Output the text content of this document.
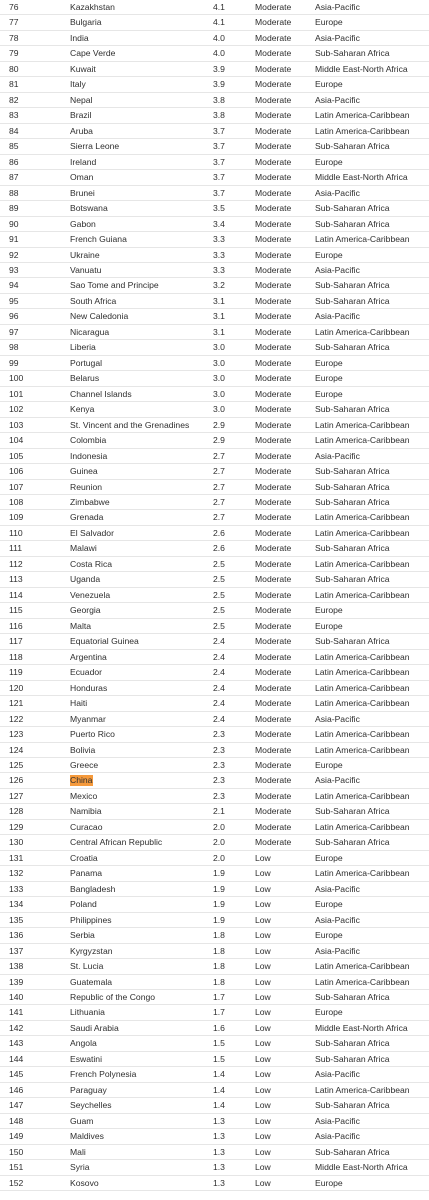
76	Kazakhstan	4.1	Moderate	Asia-Pacific
77	Bulgaria	4.1	Moderate	Europe
78	India	4.0	Moderate	Asia-Pacific
79	Cape Verde	4.0	Moderate	Sub-Saharan Africa
80	Kuwait	3.9	Moderate	Middle East-North Africa
81	Italy	3.9	Moderate	Europe
82	Nepal	3.8	Moderate	Asia-Pacific
83	Brazil	3.8	Moderate	Latin America-Caribbean
84	Aruba	3.7	Moderate	Latin America-Caribbean
85	Sierra Leone	3.7	Moderate	Sub-Saharan Africa
86	Ireland	3.7	Moderate	Europe
87	Oman	3.7	Moderate	Middle East-North Africa
88	Brunei	3.7	Moderate	Asia-Pacific
89	Botswana	3.5	Moderate	Sub-Saharan Africa
90	Gabon	3.4	Moderate	Sub-Saharan Africa
91	French Guiana	3.3	Moderate	Latin America-Caribbean
92	Ukraine	3.3	Moderate	Europe
93	Vanuatu	3.3	Moderate	Asia-Pacific
94	Sao Tome and Principe	3.2	Moderate	Sub-Saharan Africa
95	South Africa	3.1	Moderate	Sub-Saharan Africa
96	New Caledonia	3.1	Moderate	Asia-Pacific
97	Nicaragua	3.1	Moderate	Latin America-Caribbean
98	Liberia	3.0	Moderate	Sub-Saharan Africa
99	Portugal	3.0	Moderate	Europe
100	Belarus	3.0	Moderate	Europe
101	Channel Islands	3.0	Moderate	Europe
102	Kenya	3.0	Moderate	Sub-Saharan Africa
103	St. Vincent and the Grenadines	2.9	Moderate	Latin America-Caribbean
104	Colombia	2.9	Moderate	Latin America-Caribbean
105	Indonesia	2.7	Moderate	Asia-Pacific
106	Guinea	2.7	Moderate	Sub-Saharan Africa
107	Reunion	2.7	Moderate	Sub-Saharan Africa
108	Zimbabwe	2.7	Moderate	Sub-Saharan Africa
109	Grenada	2.7	Moderate	Latin America-Caribbean
110	El Salvador	2.6	Moderate	Latin America-Caribbean
111	Malawi	2.6	Moderate	Sub-Saharan Africa
112	Costa Rica	2.5	Moderate	Latin America-Caribbean
113	Uganda	2.5	Moderate	Sub-Saharan Africa
114	Venezuela	2.5	Moderate	Latin America-Caribbean
115	Georgia	2.5	Moderate	Europe
116	Malta	2.5	Moderate	Europe
117	Equatorial Guinea	2.4	Moderate	Sub-Saharan Africa
118	Argentina	2.4	Moderate	Latin America-Caribbean
119	Ecuador	2.4	Moderate	Latin America-Caribbean
120	Honduras	2.4	Moderate	Latin America-Caribbean
121	Haiti	2.4	Moderate	Latin America-Caribbean
122	Myanmar	2.4	Moderate	Asia-Pacific
123	Puerto Rico	2.3	Moderate	Latin America-Caribbean
124	Bolivia	2.3	Moderate	Latin America-Caribbean
125	Greece	2.3	Moderate	Europe
126	China	2.3	Moderate	Asia-Pacific
127	Mexico	2.3	Moderate	Latin America-Caribbean
128	Namibia	2.1	Moderate	Sub-Saharan Africa
129	Curacao	2.0	Moderate	Latin America-Caribbean
130	Central African Republic	2.0	Moderate	Sub-Saharan Africa
131	Croatia	2.0	Low	Europe
132	Panama	1.9	Low	Latin America-Caribbean
133	Bangladesh	1.9	Low	Asia-Pacific
134	Poland	1.9	Low	Europe
135	Philippines	1.9	Low	Asia-Pacific
136	Serbia	1.8	Low	Europe
137	Kyrgyzstan	1.8	Low	Asia-Pacific
138	St. Lucia	1.8	Low	Latin America-Caribbean
139	Guatemala	1.8	Low	Latin America-Caribbean
140	Republic of the Congo	1.7	Low	Sub-Saharan Africa
141	Lithuania	1.7	Low	Europe
142	Saudi Arabia	1.6	Low	Middle East-North Africa
143	Angola	1.5	Low	Sub-Saharan Africa
144	Eswatini	1.5	Low	Sub-Saharan Africa
145	French Polynesia	1.4	Low	Asia-Pacific
146	Paraguay	1.4	Low	Latin America-Caribbean
147	Seychelles	1.4	Low	Sub-Saharan Africa
148	Guam	1.3	Low	Asia-Pacific
149	Maldives	1.3	Low	Asia-Pacific
150	Mali	1.3	Low	Sub-Saharan Africa
151	Syria	1.3	Low	Middle East-North Africa
152	Kosovo	1.3	Low	Europe
